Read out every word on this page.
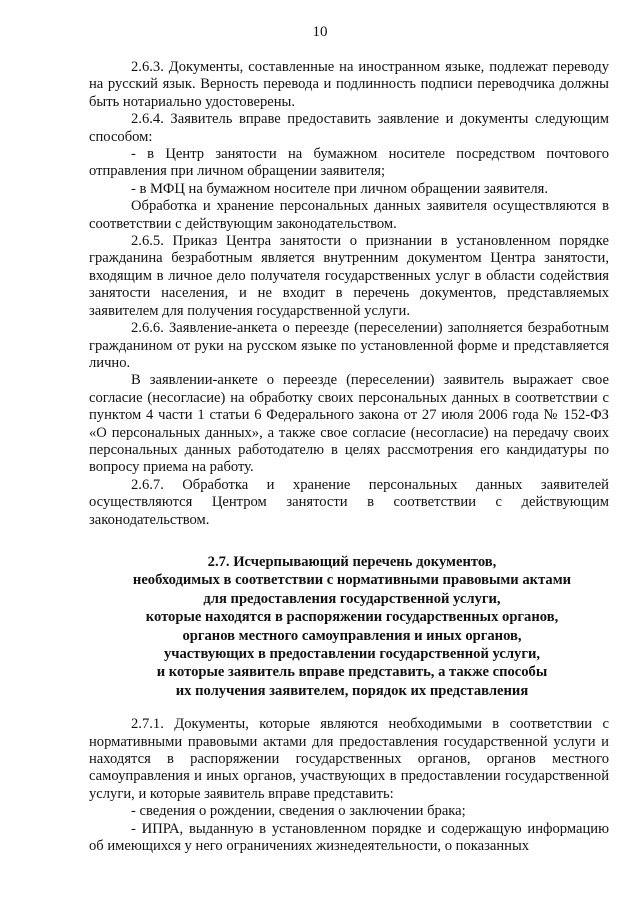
10

2.6.3. Документы, составленные на иностранном языке, подлежат переводу на русский язык. Верность перевода и подлинность подписи переводчика должны быть нотариально удостоверены.

2.6.4. Заявитель вправе предоставить заявление и документы следующим способом:

- в Центр занятости на бумажном носителе посредством почтового отправления при личном обращении заявителя;

- в МФЦ на бумажном носителе при личном обращении заявителя.

Обработка и хранение персональных данных заявителя осуществляются в соответствии с действующим законодательством.

2.6.5. Приказ Центра занятости о признании в установленном порядке гражданина безработным является внутренним документом Центра занятости, входящим в личное дело получателя государственных услуг в области содействия занятости населения, и не входит в перечень документов, представляемых заявителем для получения государственной услуги.

2.6.6. Заявление-анкета о переезде (переселении) заполняется безработным гражданином от руки на русском языке по установленной форме и представляется лично.

В заявлении-анкете о переезде (переселении) заявитель выражает свое согласие (несогласие) на обработку своих персональных данных в соответствии с пунктом 4 части 1 статьи 6 Федерального закона от 27 июля 2006 года № 152-ФЗ «О персональных данных», а также свое согласие (несогласие) на передачу своих персональных данных работодателю в целях рассмотрения его кандидатуры по вопросу приема на работу.

2.6.7. Обработка и хранение персональных данных заявителей осуществляются Центром занятости в соответствии с действующим законодательством.

2.7. Исчерпывающий перечень документов,
необходимых в соответствии с нормативными правовыми актами
для предоставления государственной услуги,
которые находятся в распоряжении государственных органов,
органов местного самоуправления и иных органов,
участвующих в предоставлении государственной услуги,
и которые заявитель вправе представить, а также способы
их получения заявителем, порядок их представления

2.7.1. Документы, которые являются необходимыми в соответствии с нормативными правовыми актами для предоставления государственной услуги и находятся в распоряжении государственных органов, органов местного самоуправления и иных органов, участвующих в предоставлении государственной услуги, и которые заявитель вправе представить:

- сведения о рождении, сведения о заключении брака;

- ИПРА, выданную в установленном порядке и содержащую информацию об имеющихся у него ограничениях жизнедеятельности, о показанных
